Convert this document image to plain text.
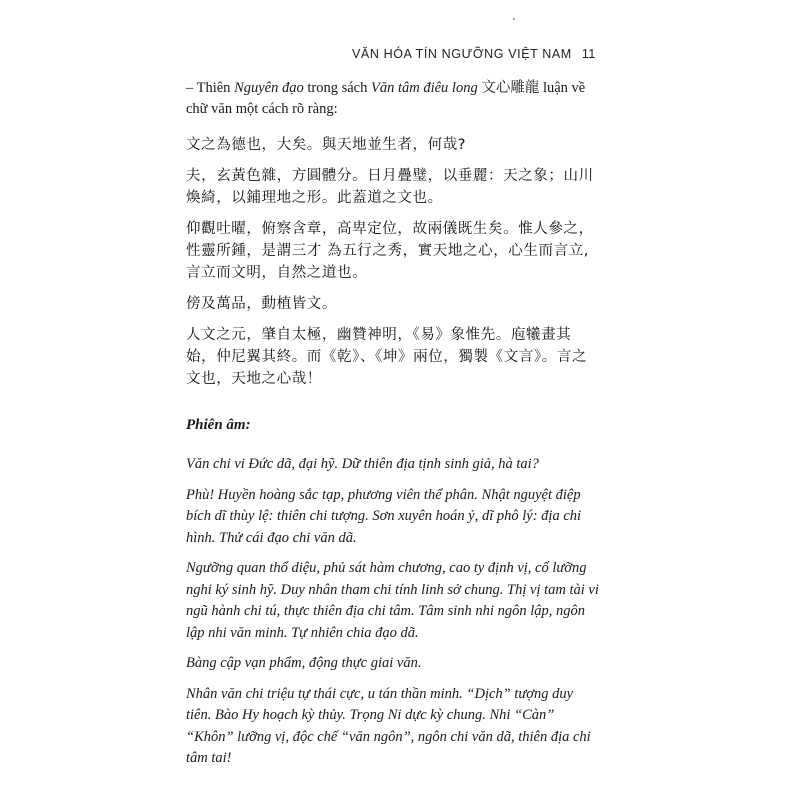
VĂN HÓA TÍN NGƯỠNG VIỆT NAM 11

– Thiên Nguyên đạo trong sách Văn tâm điêu long 文心雕龍 luận về chữ văn một cách rõ ràng:

文之為德也，大矣。與天地並生者，何哉?

夫，玄黃色雜，方圓體分。日月疊璧，以垂麗：天之象；山川煥綺，以鋪理地之形。此蓋道之文也。

仰觀吐曜，俯察含章，高卑定位，故兩儀既生矣。惟人參之，性靈所鍾，是謂三才 為五行之秀，實天地之心，心生而言立,言立而文明，自然之道也。

傍及萬品，動植皆文。

人文之元，肇自太極，幽贊神明，《易》象惟先。庖犧畫其始，仲尼翼其終。而《乾》、《坤》兩位，獨製《文言》。言之文也，天地之心哉！

Phiên âm:

Văn chi vi Đức dã, đại hỹ. Dữ thiên địa tịnh sinh giả, hà tai?

Phù! Huyền hoàng sắc tạp, phương viên thể phân. Nhật nguyệt điệp bích dĩ thùy lệ: thiên chi tượng. Sơn xuyên hoán ỷ, dĩ phô lý: địa chi hình. Thử cái đạo chi văn dã.

Ngưỡng quan thổ diệu, phủ sát hàm chương, cao ty định vị, cố lưỡng nghi ký sinh hỹ. Duy nhân tham chi tính linh sở chung. Thị vị tam tài vi ngũ hành chi tú, thực thiên địa chi tâm. Tâm sinh nhi ngôn lập, ngôn lập nhi văn minh. Tự nhiên chia đạo dã.

Bàng cập vạn phẩm, động thực giai văn.

Nhân văn chi triệu tự thái cực, u tán thần minh. “Dịch” tượng duy tiên. Bào Hy hoạch kỳ thủy. Trọng Ni dực kỳ chung. Nhi “Càn” “Khôn” lưỡng vị, độc chế “văn ngôn”, ngôn chi văn dã, thiên địa chi tâm tai!
